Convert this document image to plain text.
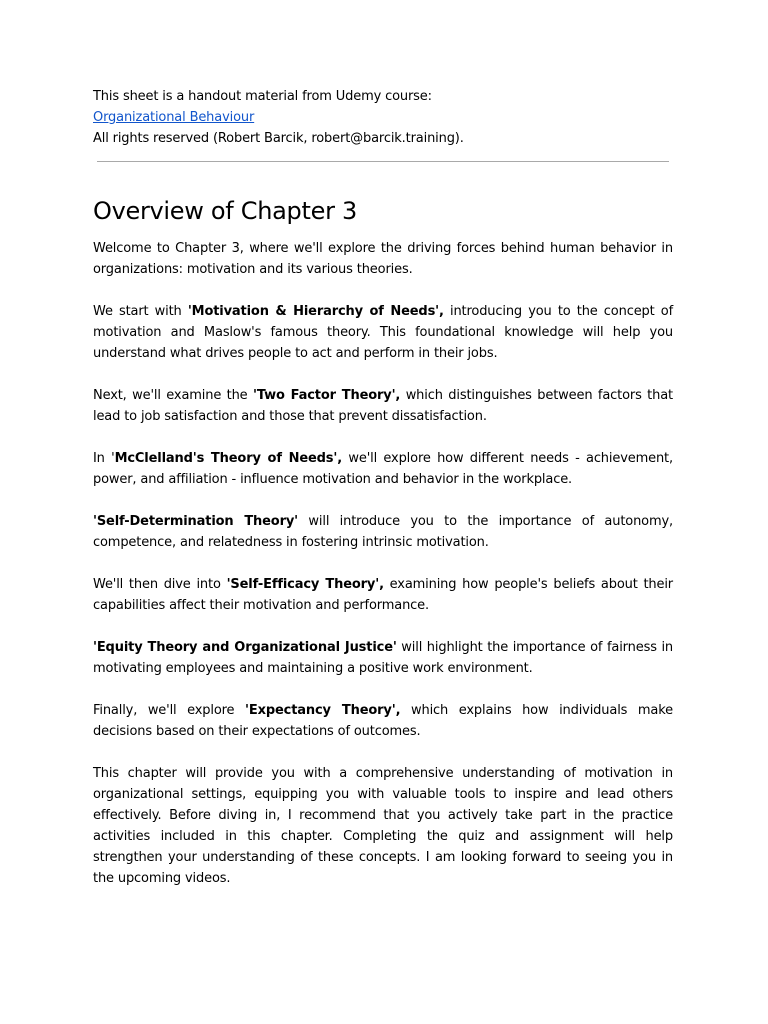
This sheet is a handout material from Udemy course:

Organizational Behaviour

All rights reserved (Robert Barcik, robert@barcik.training).

Overview of Chapter 3

Welcome to Chapter 3, where we'll explore the driving forces behind human behavior in organizations: motivation and its various theories.

We start with 'Motivation & Hierarchy of Needs', introducing you to the concept of motivation and Maslow's famous theory. This foundational knowledge will help you understand what drives people to act and perform in their jobs.

Next, we'll examine the 'Two Factor Theory', which distinguishes between factors that lead to job satisfaction and those that prevent dissatisfaction.

In 'McClelland's Theory of Needs', we'll explore how different needs - achievement, power, and affiliation - influence motivation and behavior in the workplace.

'Self-Determination Theory' will introduce you to the importance of autonomy, competence, and relatedness in fostering intrinsic motivation.

We'll then dive into 'Self-Efficacy Theory', examining how people's beliefs about their capabilities affect their motivation and performance.

'Equity Theory and Organizational Justice' will highlight the importance of fairness in motivating employees and maintaining a positive work environment.

Finally, we'll explore 'Expectancy Theory', which explains how individuals make decisions based on their expectations of outcomes.

This chapter will provide you with a comprehensive understanding of motivation in organizational settings, equipping you with valuable tools to inspire and lead others effectively. Before diving in, I recommend that you actively take part in the practice activities included in this chapter. Completing the quiz and assignment will help strengthen your understanding of these concepts. I am looking forward to seeing you in the upcoming videos.
